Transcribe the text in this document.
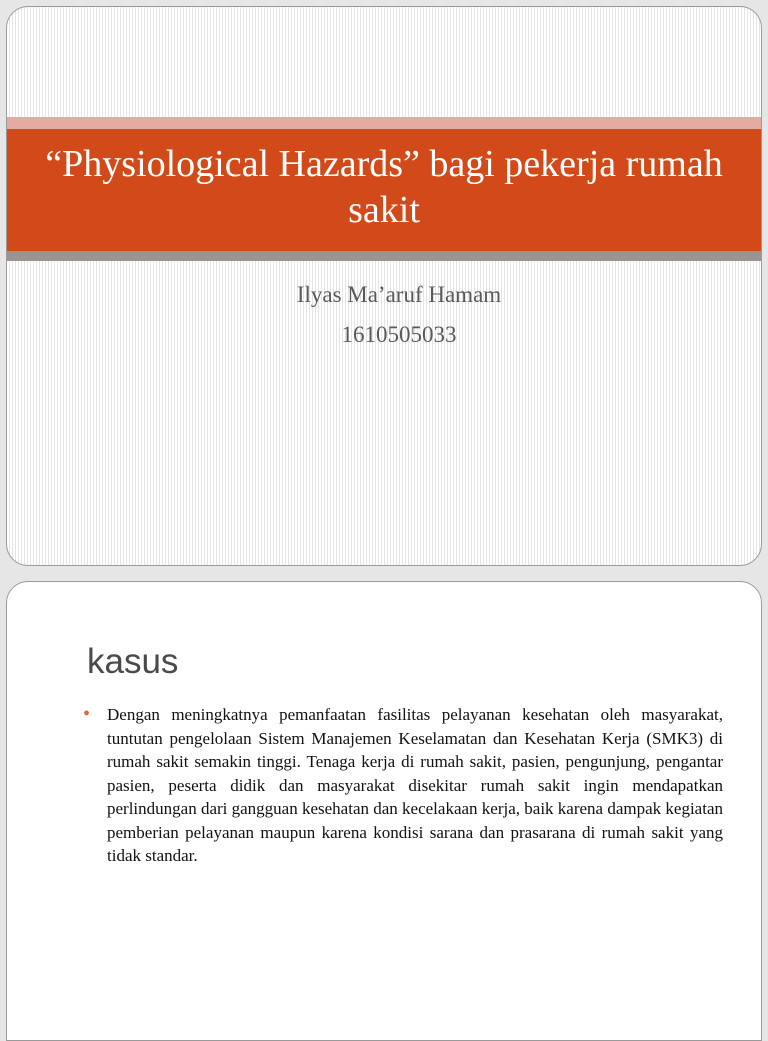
“Physiological Hazards” bagi pekerja rumah sakit
Ilyas Ma’aruf Hamam
1610505033
kasus
• Dengan meningkatnya pemanfaatan fasilitas pelayanan kesehatan oleh masyarakat, tuntutan pengelolaan Sistem Manajemen Keselamatan dan Kesehatan Kerja (SMK3) di rumah sakit semakin tinggi. Tenaga kerja di rumah sakit, pasien, pengunjung, pengantar pasien, peserta didik dan masyarakat disekitar rumah sakit ingin mendapatkan perlindungan dari gangguan kesehatan dan kecelakaan kerja, baik karena dampak kegiatan pemberian pelayanan maupun karena kondisi sarana dan prasarana di rumah sakit yang tidak standar.
